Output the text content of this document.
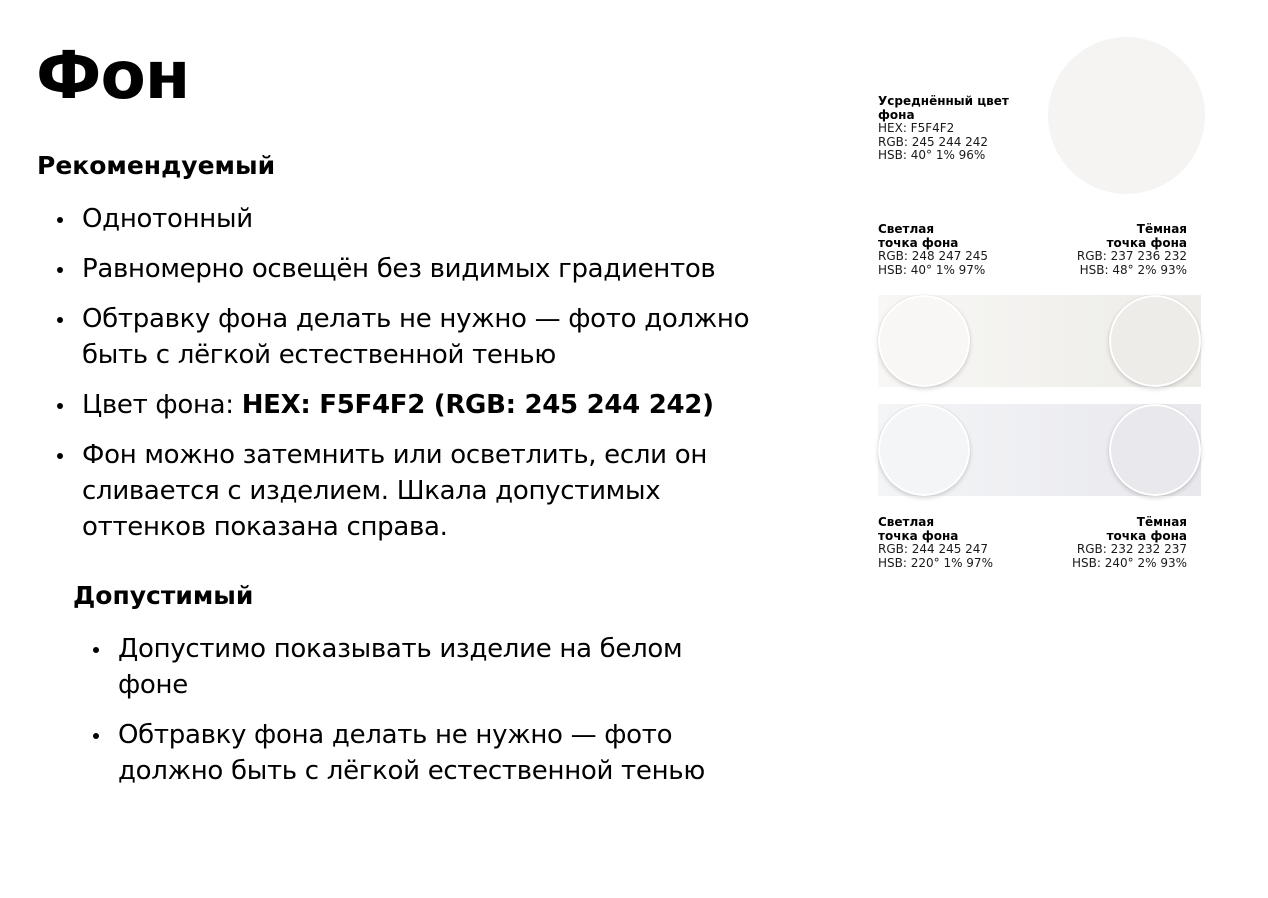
Фон
Рекомендуемый
Однотонный
Равномерно освещён без видимых градиентов
Обтравку фона делать не нужно — фото должно быть с лёгкой естественной тенью
Цвет фона: HEX: F5F4F2 (RGB: 245 244 242)
Фон можно затемнить или осветлить, если он сливается с изделием. Шкала допустимых оттенков показана справа.
Допустимый
Допустимо показывать изделие на белом фоне
Обтравку фона делать не нужно — фото должно быть с лёгкой естественной тенью
Усреднённый цвет фона
HEX: F5F4F2
RGB: 245 244 242
HSB: 40° 1% 96%
Светлая
точка фона
RGB: 248 247 245
HSB: 40° 1% 97%
Тёмная
точка фона
RGB: 237 236 232
HSB: 48° 2% 93%
Светлая
точка фона
RGB: 244 245 247
HSB: 220° 1% 97%
Тёмная
точка фона
RGB: 232 232 237
HSB: 240° 2% 93%
